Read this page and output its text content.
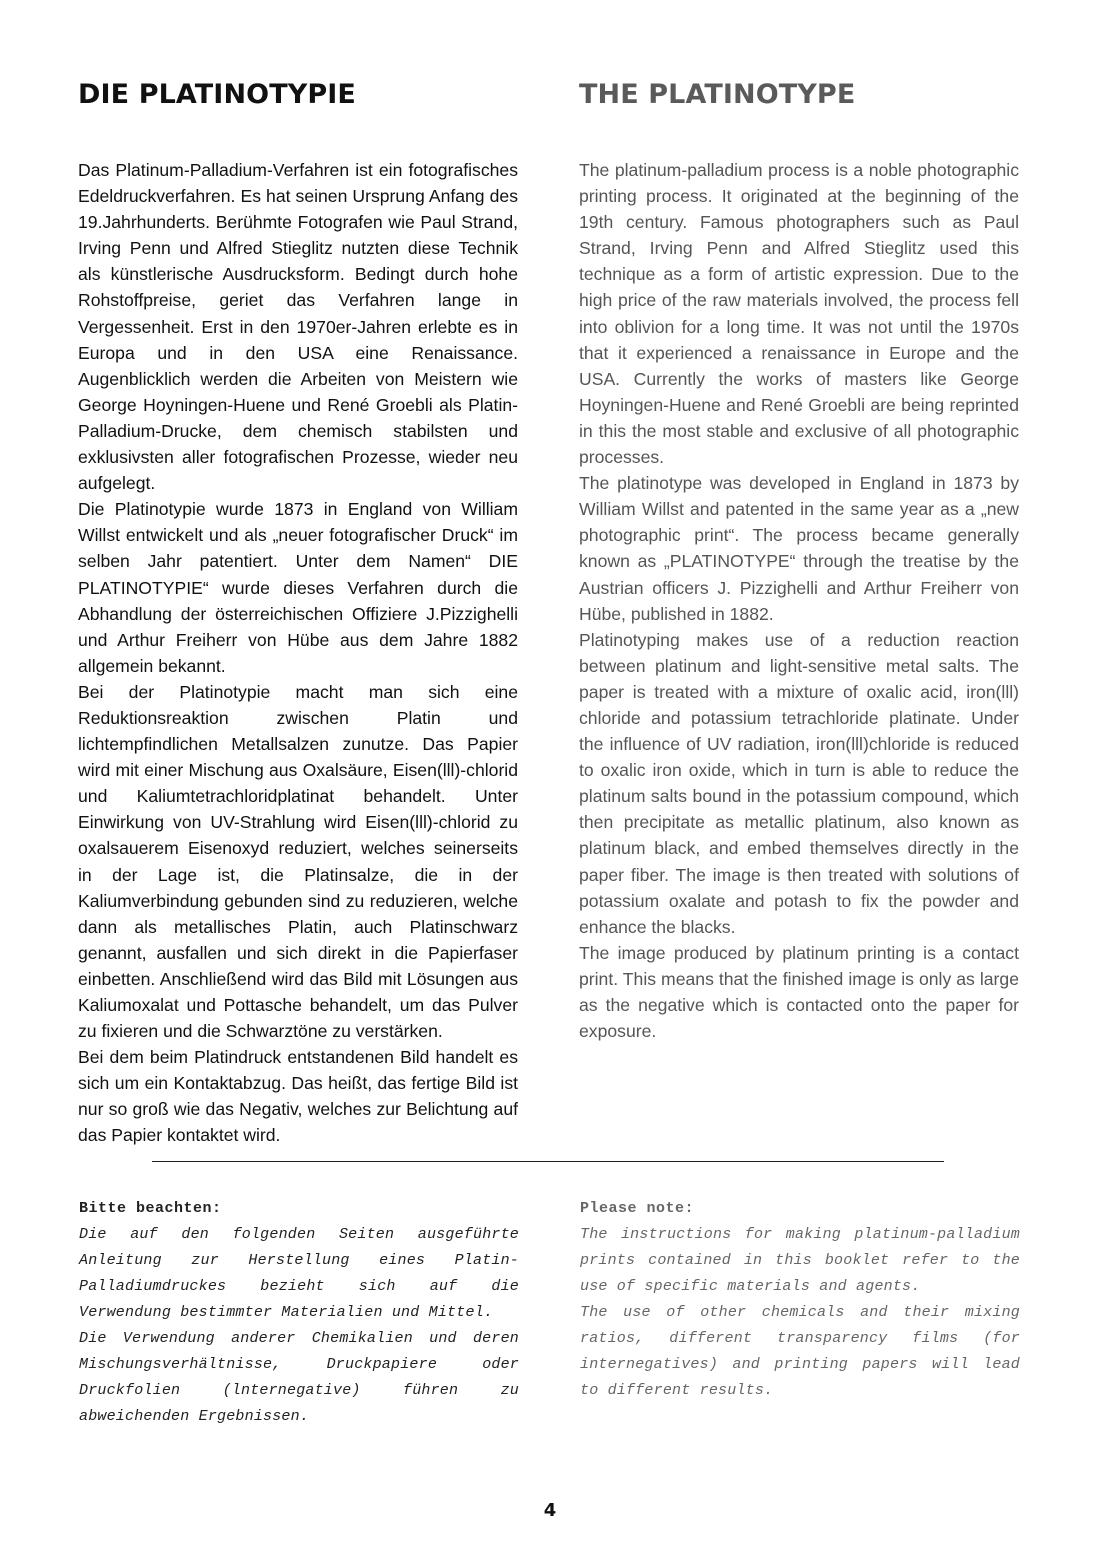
DIE PLATINOTYPIE

Das Platinum-Palladium-Verfahren ist ein fotografisches Edeldruckverfahren. Es hat seinen Ursprung Anfang des 19.Jahrhunderts. Berühmte Fotografen wie Paul Strand, Irving Penn und Alfred Stieglitz nutzten diese Technik als künstlerische Ausdrucksform. Bedingt durch hohe Rohstoffpreise, geriet das Verfahren lange in Vergessenheit. Erst in den 1970er-Jahren erlebte es in Europa und in den USA eine Renaissance. Augenblicklich werden die Arbeiten von Meistern wie George Hoyningen-Huene und René Groebli als Platin-Palladium-Drucke, dem chemisch stabilsten und exklusivsten aller fotografischen Prozesse, wieder neu aufgelegt.

Die Platinotypie wurde 1873 in England von William Willst entwickelt und als „neuer fotografischer Druck“ im selben Jahr patentiert. Unter dem Namen“ DIE PLATINOTYPIE“ wurde dieses Verfahren durch die Abhandlung der österreichischen Offiziere J.Pizzighelli und Arthur Freiherr von Hübe aus dem Jahre 1882 allgemein bekannt.

Bei der Platinotypie macht man sich eine Reduktionsreaktion zwischen Platin und lichtempfindlichen Metallsalzen zunutze. Das Papier wird mit einer Mischung aus Oxalsäure, Eisen(lll)-chlorid und Kaliumtetrachloridplatinat behandelt. Unter Einwirkung von UV-Strahlung wird Eisen(lll)-chlorid zu oxalsauerem Eisenoxyd reduziert, welches seinerseits in der Lage ist, die Platinsalze, die in der Kaliumverbindung gebunden sind zu reduzieren, welche dann als metallisches Platin, auch Platinschwarz genannt, ausfallen und sich direkt in die Papierfaser einbetten. Anschließend wird das Bild mit Lösungen aus Kaliumoxalat und Pottasche behandelt, um das Pulver zu fixieren und die Schwarztöne zu verstärken.

Bei dem beim Platindruck entstandenen Bild handelt es sich um ein Kontaktabzug. Das heißt, das fertige Bild ist nur so groß wie das Negativ, welches zur Belichtung auf das Papier kontaktet wird.

THE PLATINOTYPE

The platinum-palladium process is a noble photographic printing process. It originated at the beginning of the 19th century. Famous photographers such as Paul Strand, Irving Penn and Alfred Stieglitz used this technique as a form of artistic expression. Due to the high price of the raw materials involved, the process fell into oblivion for a long time. It was not until the 1970s that it experienced a renaissance in Europe and the USA. Currently the works of masters like George Hoyningen-Huene and René Groebli are being reprinted in this the most stable and exclusive of all photographic processes.

The platinotype was developed in England in 1873 by William Willst and patented in the same year as a „new photographic print“. The process became generally known as „PLATINOTYPE“ through the treatise by the Austrian officers J. Pizzighelli and Arthur Freiherr von Hübe, published in 1882.

Platinotyping makes use of a reduction reaction between platinum and light-sensitive metal salts. The paper is treated with a mixture of oxalic acid, iron(lll) chloride and potassium tetrachloride platinate. Under the influence of UV radiation, iron(lll)chloride is reduced to oxalic iron oxide, which in turn is able to reduce the platinum salts bound in the potassium compound, which then precipitate as metallic platinum, also known as platinum black, and embed themselves directly in the paper fiber. The image is then treated with solutions of potassium oxalate and potash to fix the powder and enhance the blacks.

The image produced by platinum printing is a contact print. This means that the finished image is only as large as the negative which is contacted onto the paper for exposure.

Bitte beachten:

Die auf den folgenden Seiten ausgeführte Anleitung zur Herstellung eines Platin-Palladiumdruckes bezieht sich auf die Verwendung bestimmter Materialien und Mittel.

Die Verwendung anderer Chemikalien und deren Mischungsverhältnisse, Druckpapiere oder Druckfolien (lnternegative) führen zu abweichenden Ergebnissen.

Please note:

The instructions for making platinum-palladium prints contained in this booklet refer to the use of specific materials and agents.

The use of other chemicals and their mixing ratios, different transparency films (for internegatives) and printing papers will lead to different results.

4
